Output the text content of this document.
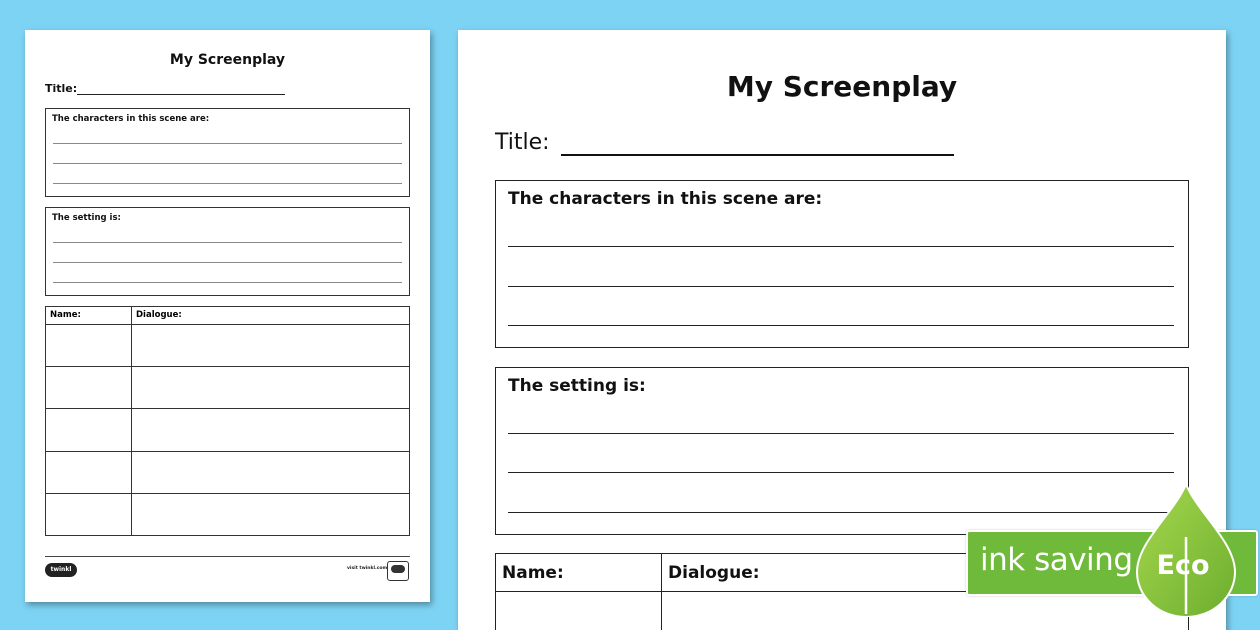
My Screenplay
Title:
The characters in this scene are:
The setting is:
Name:	Dialogue:

twinkl	visit twinkl.com
My Screenplay
Title:
The characters in this scene are:
The setting is:
Name:	Dialogue:
		ink saving Eco
